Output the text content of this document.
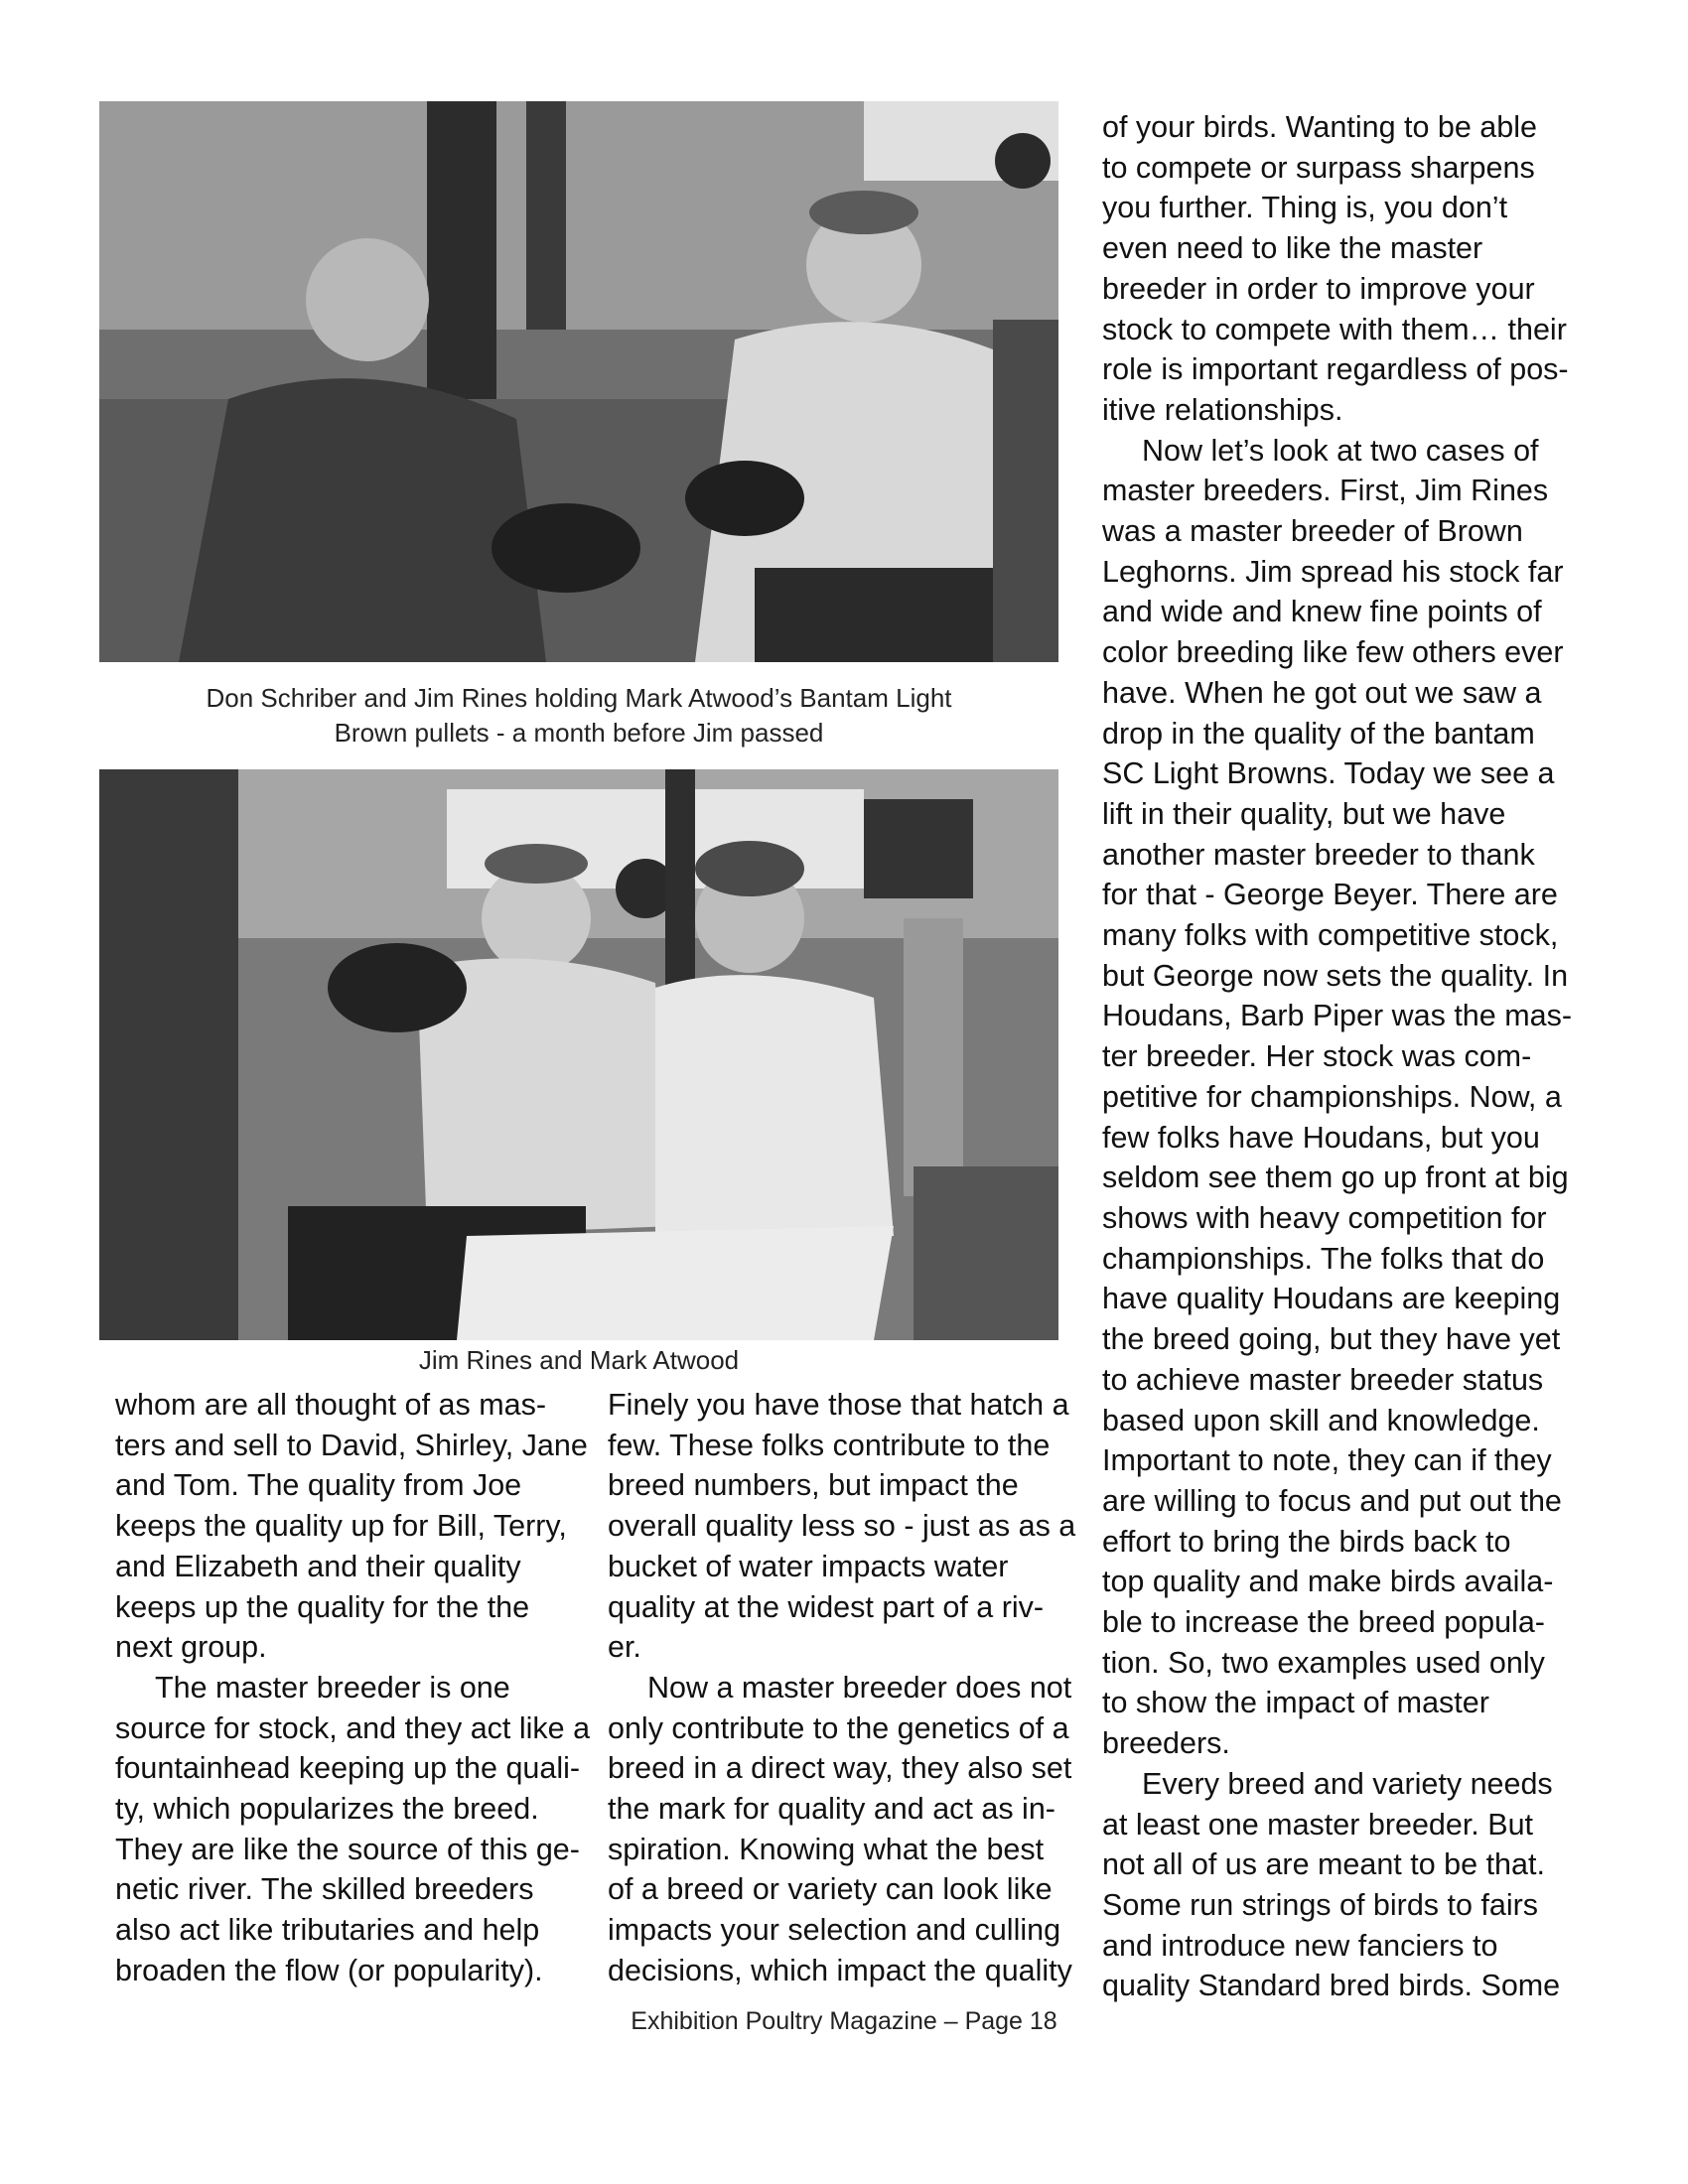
Don Schriber and Jim Rines holding Mark Atwood’s Bantam Light
Brown pullets - a month before Jim passed
Jim Rines and Mark Atwood

of your birds. Wanting to be able
to compete or surpass sharpens
you further. Thing is, you don’t
even need to like the master
breeder in order to improve your
stock to compete with them… their
role is important regardless of pos-
itive relationships.

Now let’s look at two cases of
master breeders. First, Jim Rines
was a master breeder of Brown
Leghorns. Jim spread his stock far
and wide and knew fine points of
color breeding like few others ever
have. When he got out we saw a
drop in the quality of the bantam
SC Light Browns. Today we see a
lift in their quality, but we have
another master breeder to thank
for that - George Beyer. There are
many folks with competitive stock,
but George now sets the quality. In
Houdans, Barb Piper was the mas-
ter breeder. Her stock was com-
petitive for championships. Now, a
few folks have Houdans, but you
seldom see them go up front at big
shows with heavy competition for
championships. The folks that do
have quality Houdans are keeping
the breed going, but they have yet
to achieve master breeder status
based upon skill and knowledge.
Important to note, they can if they
are willing to focus and put out the
effort to bring the birds back to
top quality and make birds availa-
ble to increase the breed popula-
tion. So, two examples used only
to show the impact of master
breeders.

Every breed and variety needs
at least one master breeder. But
not all of us are meant to be that.
Some run strings of birds to fairs
and introduce new fanciers to
quality Standard bred birds. Some

whom are all thought of as mas-
ters and sell to David, Shirley, Jane
and Tom. The quality from Joe
keeps the quality up for Bill, Terry,
and Elizabeth and their quality
keeps up the quality for the the
next group.

The master breeder is one
source for stock, and they act like a
fountainhead keeping up the quali-
ty, which popularizes the breed.
They are like the source of this ge-
netic river. The skilled breeders
also act like tributaries and help
broaden the flow (or popularity).

Finely you have those that hatch a
few. These folks contribute to the
breed numbers, but impact the
overall quality less so - just as as a
bucket of water impacts water
quality at the widest part of a riv-
er.

Now a master breeder does not
only contribute to the genetics of a
breed in a direct way, they also set
the mark for quality and act as in-
spiration. Knowing what the best
of a breed or variety can look like
impacts your selection and culling
decisions, which impact the quality

Exhibition Poultry Magazine – Page 18
